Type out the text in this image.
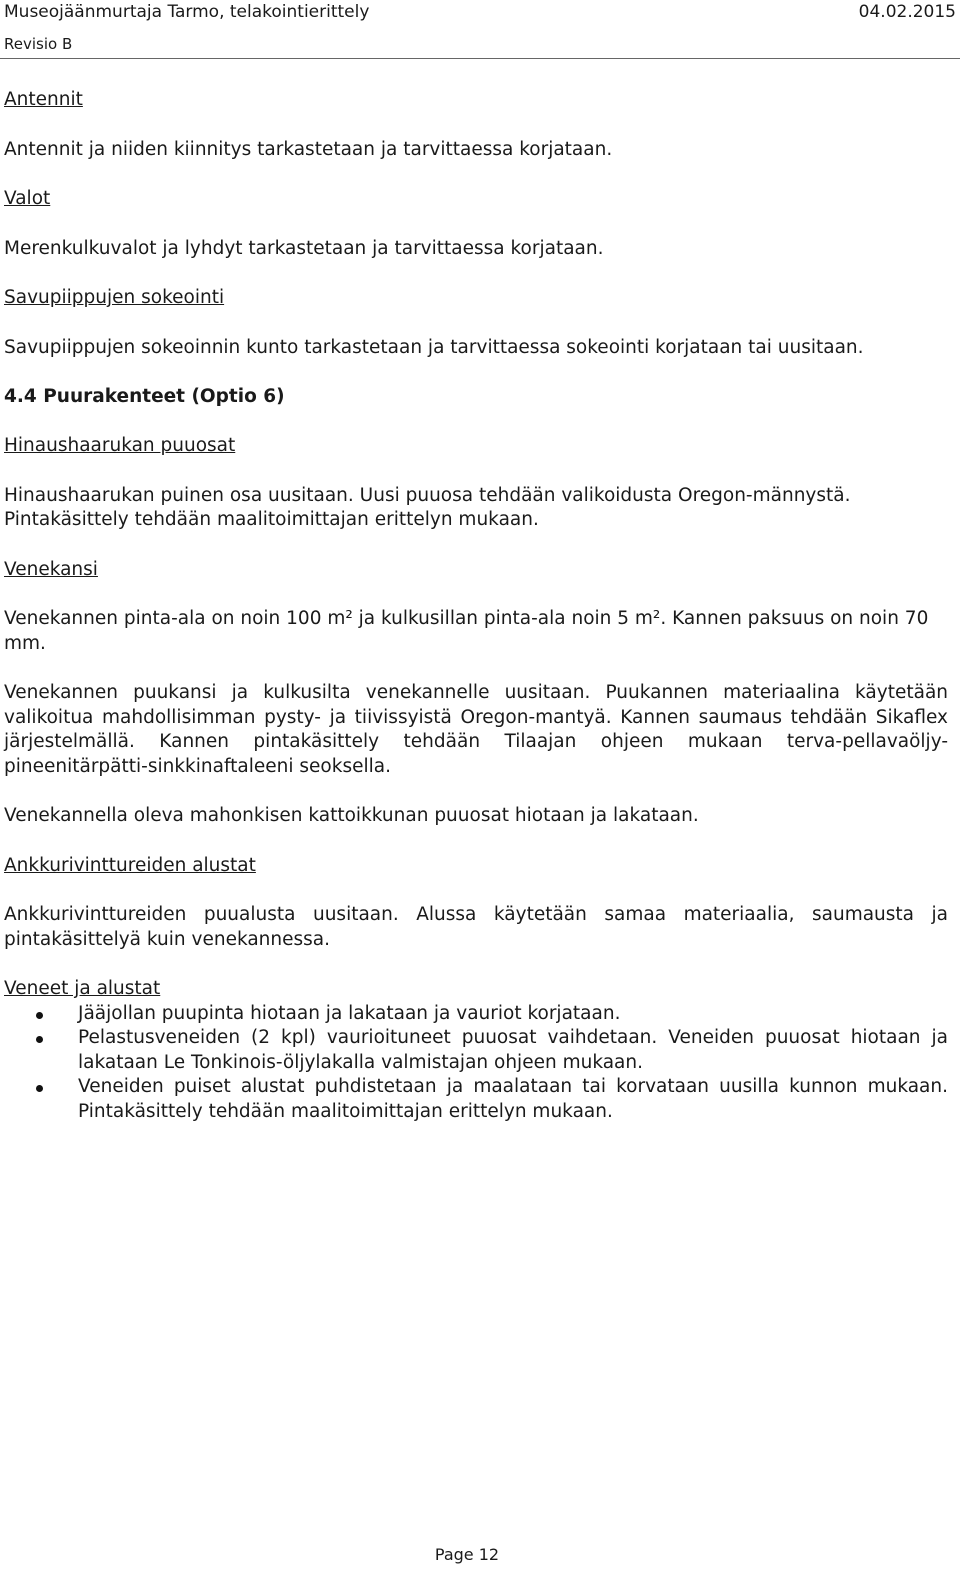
Museojäänmurtaja Tarmo, telakointierittely	04.02.2015
Revisio B

Antennit

Antennit ja niiden kiinnitys tarkastetaan ja tarvittaessa korjataan.

Valot

Merenkulkuvalot ja lyhdyt tarkastetaan ja tarvittaessa korjataan.

Savupiippujen sokeointi

Savupiippujen sokeoinnin kunto tarkastetaan ja tarvittaessa sokeointi korjataan tai uusitaan.

4.4 Puurakenteet (Optio 6)

Hinaushaarukan puuosat

Hinaushaarukan puinen osa uusitaan. Uusi puuosa tehdään valikoidusta Oregon-männystä. Pintakäsittely tehdään maalitoimittajan erittelyn mukaan.

Venekansi

Venekannen pinta-ala on noin 100 m² ja kulkusillan pinta-ala noin 5 m². Kannen paksuus on noin 70 mm.

Venekannen puukansi ja kulkusilta venekannelle uusitaan. Puukannen materiaalina käytetään valikoitua mahdollisimman pysty- ja tiivissyistä Oregon-mantyä. Kannen saumaus tehdään Sikaflex järjestelmällä. Kannen pintakäsittely tehdään Tilaajan ohjeen mukaan terva-pellavaöljy-pineenitärpätti-sinkkinaftaleeni seoksella.

Venekannella oleva mahonkisen kattoikkunan puuosat hiotaan ja lakataan.

Ankkurivinttureiden alustat

Ankkurivinttureiden puualusta uusitaan. Alussa käytetään samaa materiaalia, saumausta ja pintakäsittelyä kuin venekannessa.

Veneet ja alustat

Jääjollan puupinta hiotaan ja lakataan ja vauriot korjataan.
Pelastusveneiden (2 kpl) vaurioituneet puuosat vaihdetaan. Veneiden puuosat hiotaan ja lakataan Le Tonkinois-öljylakalla valmistajan ohjeen mukaan.
Veneiden puiset alustat puhdistetaan ja maalataan tai korvataan uusilla kunnon mukaan. Pintakäsittely tehdään maalitoimittajan erittelyn mukaan.
Page 12
